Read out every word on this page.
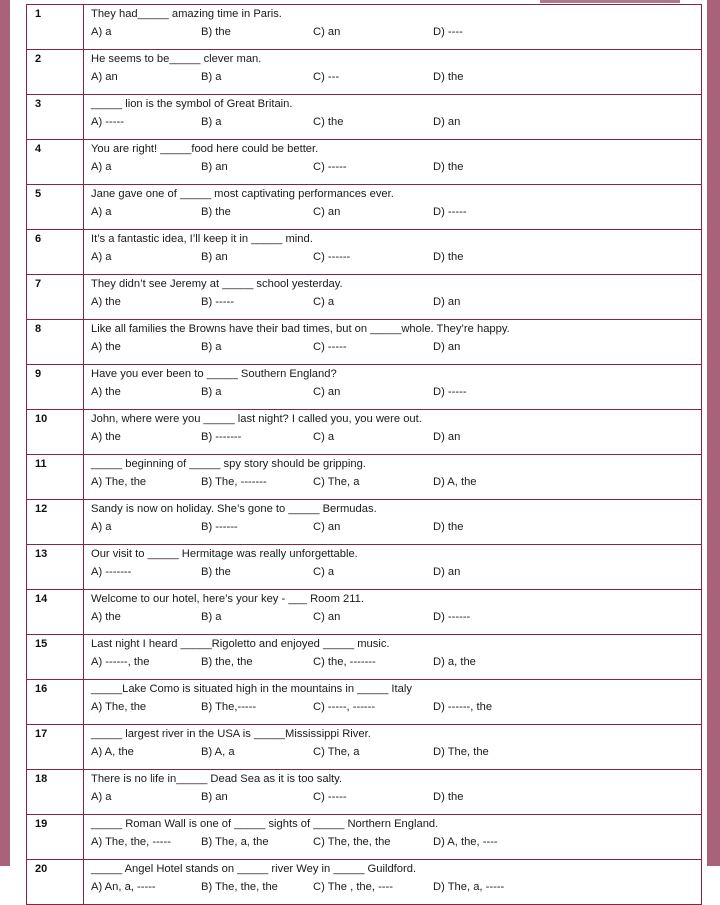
1	They had_____ amazing time in Paris.
A) a B) the C) an D) ----

2	He seems to be_____ clever man.
A) an B) a C) --- D) the

3	_____ lion is the symbol of Great Britain.
A) ----- B) a C) the D) an

4	You are right! _____food here could be better.
A) a B) an C) ----- D) the

5	Jane gave one of _____ most captivating performances ever.
A) a B) the C) an D) -----

6	It’s a fantastic idea, I’ll keep it in _____ mind.
A) a B) an C) ------ D) the

7	They didn’t see Jeremy at _____ school yesterday.
A) the B) ----- C) a D) an

8	Like all families the Browns have their bad times, but on _____whole. They’re happy.
A) the B) a C) ----- D) an

9	Have you ever been to _____ Southern England?
A) the B) a C) an D) -----

10	John, where were you _____ last night? I called you, you were out.
A) the B) ------- C) a D) an

11	_____ beginning of _____ spy story should be gripping.
A) The, the B) The, ------- C) The, a D) A, the

12	Sandy is now on holiday. She’s gone to _____ Bermudas.
A) a B) ------ C) an D) the

13	Our visit to _____ Hermitage was really unforgettable.
A) ------- B) the C) a D) an

14	Welcome to our hotel, here’s your key - ___ Room 211.
A) the B) a C) an D) ------

15	Last night I heard _____Rigoletto and enjoyed _____ music.
A) ------, the B) the, the C) the, ------- D) a, the

16	_____Lake Como is situated high in the mountains in _____ Italy
A) The, the B) The,----- C) -----, ------ D) ------, the

17	_____ largest river in the USA is _____Mississippi River.
A) A, the B) A, a C) The, a D) The, the

18	There is no life in_____ Dead Sea as it is too salty.
A) a B) an C) ----- D) the

19	_____ Roman Wall is one of _____ sights of _____ Northern England.
A) The, the, ----- B) The, a, the C) The, the, the D) A, the, ----

20	_____ Angel Hotel stands on _____ river Wey in _____ Guildford.
A) An, a, ----- B) The, the, the C) The , the, ---- D) The, a, -----
